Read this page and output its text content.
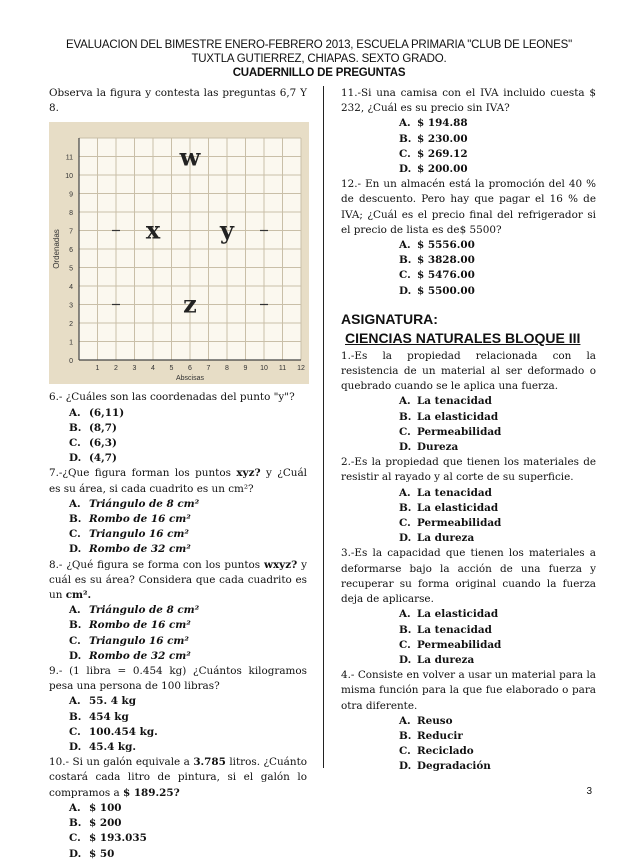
EVALUACION DEL BIMESTRE ENERO-FEBRERO 2013, ESCUELA PRIMARIA "CLUB DE LEONES"
TUXTLA GUTIERREZ, CHIAPAS. SEXTO GRADO.
CUADERNILLO DE PREGUNTAS

Observa la figura y contesta las preguntas 6,7 Y 8.

11
10
9
8
7
6
5
4
3
2
1
0
1 2 3 4 5 6 7 8 9 10 11 12
Abscisas
Ordenadas
w
x y
z

6.- ¿Cuáles son las coordenadas del punto "y"?

A. (6,11)
B. (8,7)
C. (6,3)
D. (4,7)

7.-¿Que figura forman los puntos xyz? y ¿Cuál es su área, si cada cuadrito es un cm²?

A. Triángulo de 8 cm²
B. Rombo de 16 cm²
C. Triangulo 16 cm²
D. Rombo de 32 cm²

8.- ¿Qué figura se forma con los puntos wxyz? y cuál es su área? Considera que cada cuadrito es un cm².

A. Triángulo de 8 cm²
B. Rombo de 16 cm²
C. Triangulo 16 cm²
D. Rombo de 32 cm²

9.- (1 libra = 0.454 kg) ¿Cuántos kilogramos pesa una persona de 100 libras?

A. 55. 4 kg
B. 454 kg
C. 100.454 kg.
D. 45.4 kg.

10.- Si un galón equivale a 3.785 litros. ¿Cuánto costará cada litro de pintura, si el galón lo compramos a $ 189.25?

A. $ 100
B. $ 200
C. $ 193.035
D. $ 50

11.-Si una camisa con el IVA incluido cuesta $ 232, ¿Cuál es su precio sin IVA?

A. $ 194.88
B. $ 230.00
C. $ 269.12
D. $ 200.00

12.- En un almacén está la promoción del 40 % de descuento. Pero hay que pagar el 16 % de IVA; ¿Cuál es el precio final del refrigerador si el precio de lista es de$ 5500?

A. $ 5556.00
B. $ 3828.00
C. $ 5476.00
D. $ 5500.00
ASIGNATURA:
CIENCIAS NATURALES BLOQUE III

1.-Es la propiedad relacionada con la resistencia de un material al ser deformado o quebrado cuando se le aplica una fuerza.

A. La tenacidad
B. La elasticidad
C. Permeabilidad
D. Dureza

2.-Es la propiedad que tienen los materiales de resistir al rayado y al corte de su superficie.

A. La tenacidad
B. La elasticidad
C. Permeabilidad
D. La dureza

3.-Es la capacidad que tienen los materiales a deformarse bajo la acción de una fuerza y recuperar su forma original cuando la fuerza deja de aplicarse.

A. La elasticidad
B. La tenacidad
C. Permeabilidad
D. La dureza

4.- Consiste en volver a usar un material para la misma función para la que fue elaborado o para otra diferente.

A. Reuso
B. Reducir
C. Reciclado
D. Degradación
3
